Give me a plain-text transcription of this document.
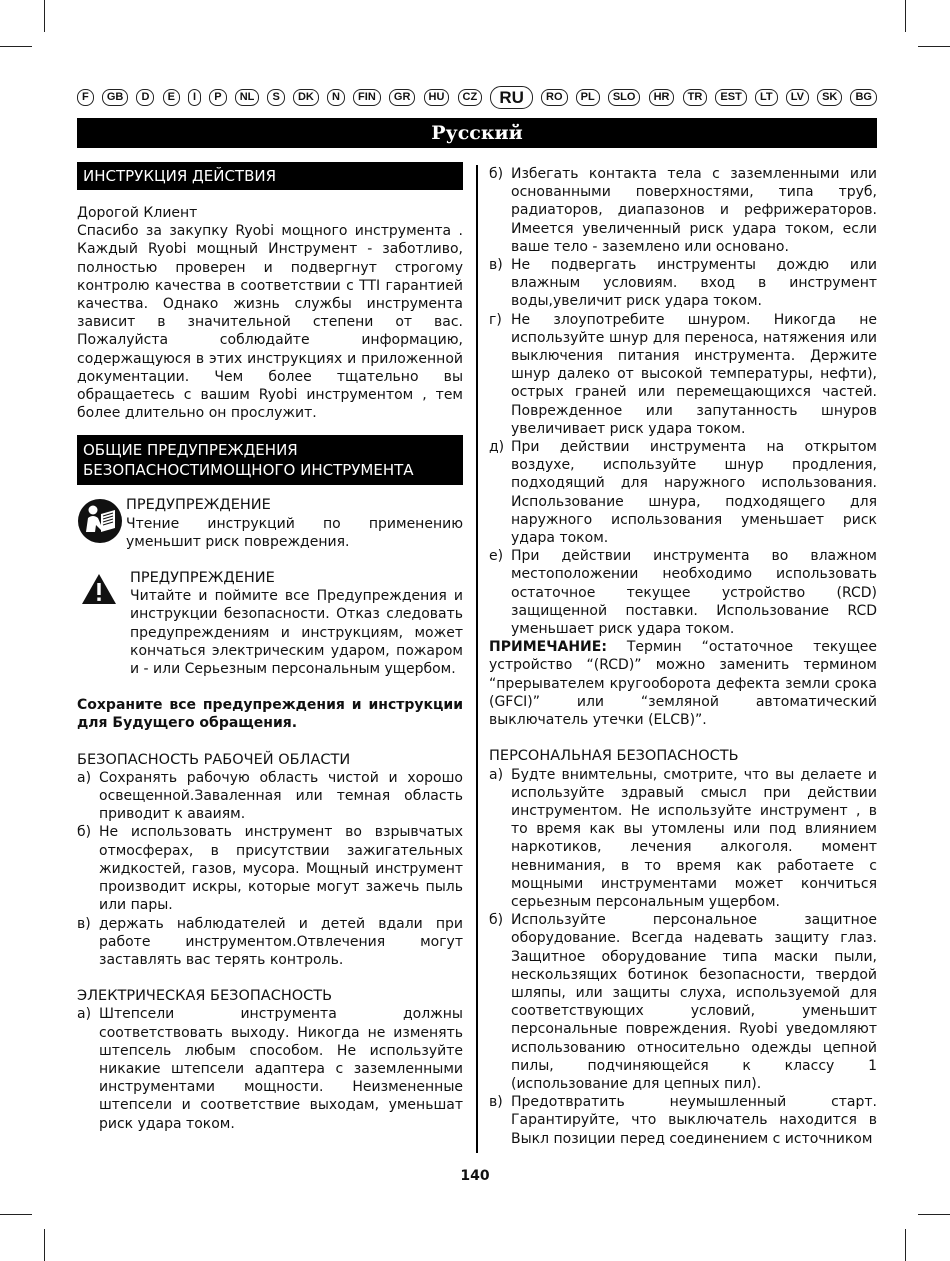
F	GB	D	E	I	P	NL	S	DK	N	FIN	GR	HU	CZ	RU	RO	PL	SLO	HR	TR	EST	LT	LV	SK	BG
Русский
ИНСТРУКЦИЯ ДЕЙСТВИЯ

Дорогой Клиент

Спасибо за закупку Ryobi мощного инструмента . Каждый Ryobi мощный Инструмент - заботливо, полностью проверен и подвергнут строгому контролю качества в соответствии с TTI гарантией качества. Однако жизнь службы инструмента зависит в значительной степени от вас. Пожалуйста соблюдайте информацию, содержащуюся в этих инструкциях и приложенной документации. Чем более тщательно вы обращаетесь с вашим Ryobi инструментом , тем более длительно он прослужит.

ОБЩИЕ ПРЕДУПРЕЖДЕНИЯ
БЕЗОПАСНОСТИМОЩНОГО ИНСТРУМЕНТА
ПРЕДУПРЕЖДЕНИЕ
Чтение инструкций по применению уменьшит риск повреждения.
ПРЕДУПРЕЖДЕНИЕ
Читайте и поймите все Предупреждения и инструкции безопасности. Отказ следовать предупреждениям и инструкциям, может кончаться электрическим ударом, пожаром и - или Серьезным персональным ущербом.

Сохраните все предупреждения и инструкции для Будущего обращения.

БЕЗОПАСНОСТЬ РАБОЧЕЙ ОБЛАСТИ
а) Сохранять рабочую область чистой и хорошо освещенной.Заваленная или темная область приводит к аваиям.
б) Не использовать инструмент во взрывчатых отмосферах, в присутствии зажигательных жидкостей, газов, мусора. Мощный инструмент производит искры, которые могут зажечь пыль или пары.
в) держать наблюдателей и детей вдали при работе инструментом.Отвлечения могут заставлять вас терять контроль.
ЭЛЕКТРИЧЕСКАЯ БЕЗОПАСНОСТЬ
а) Штепсели инструмента должны соответствовать выходу. Никогда не изменять штепсель любым способом. Не используйте никакие штепсели адаптера с заземленными инструментами мощности. Неизмененные штепсели и соответствие выходам, уменьшат риск удара током.
б) Избегать контакта тела с заземленными или основанными поверхностями, типа труб, радиаторов, диапазонов и рефрижераторов. Имеется увеличенный риск удара током, если ваше тело - заземлено или основано.
в) Не подвергать инструменты дождю или влажным условиям. вход в инструмент воды,увеличит риск удара током.
г) Не злоупотребите шнуром. Никогда не используйте шнур для переноса, натяжения или выключения питания инструмента. Держите шнур далеко от высокой температуры, нефти), острых граней или перемещающихся частей. Поврежденное или запутанность шнуров увеличивает риск удара током.
д) При действии инструмента на открытом воздухе, используйте шнур продления, подходящий для наружного использования. Использование шнура, подходящего для наружного использования уменьшает риск удара током.
е) При действии инструмента во влажном местоположении необходимо использовать остаточное текущее устройство (RCD) защищенной поставки. Использование RCD уменьшает риск удара током.

ПРИМЕЧАНИЕ: Термин “остаточное текущее устройство “(RCD)” можно заменить термином “прерывателем кругооборота дефекта земли срока (GFCI)” или “земляной автоматический выключатель утечки (ELCB)”.

ПЕРСОНАЛЬНАЯ БЕЗОПАСНОСТЬ
а) Будте внимтельны, смотрите, что вы делаете и используйте здравый смысл при действии инструментом. Не используйте инструмент , в то время как вы утомлены или под влиянием наркотиков, лечения алкоголя. момент невнимания, в то время как работаете с мощными инструментами может кончиться серьезным персональным ущербом.
б) Используйте персональное защитное оборудование. Всегда надевать защиту глаз. Защитное оборудование типа маски пыли, нескользящих ботинок безопасности, твердой шляпы, или защиты слуха, используемой для соответствующих условий, уменьшит персональные повреждения. Ryobi уведомляют использованию относительно одежды цепной пилы, подчиняющейся к классу 1 (использование для цепных пил).
в) Предотвратить неумышленный старт. Гарантируйте, что выключатель находится в Выкл позиции перед соединением с источником
140
